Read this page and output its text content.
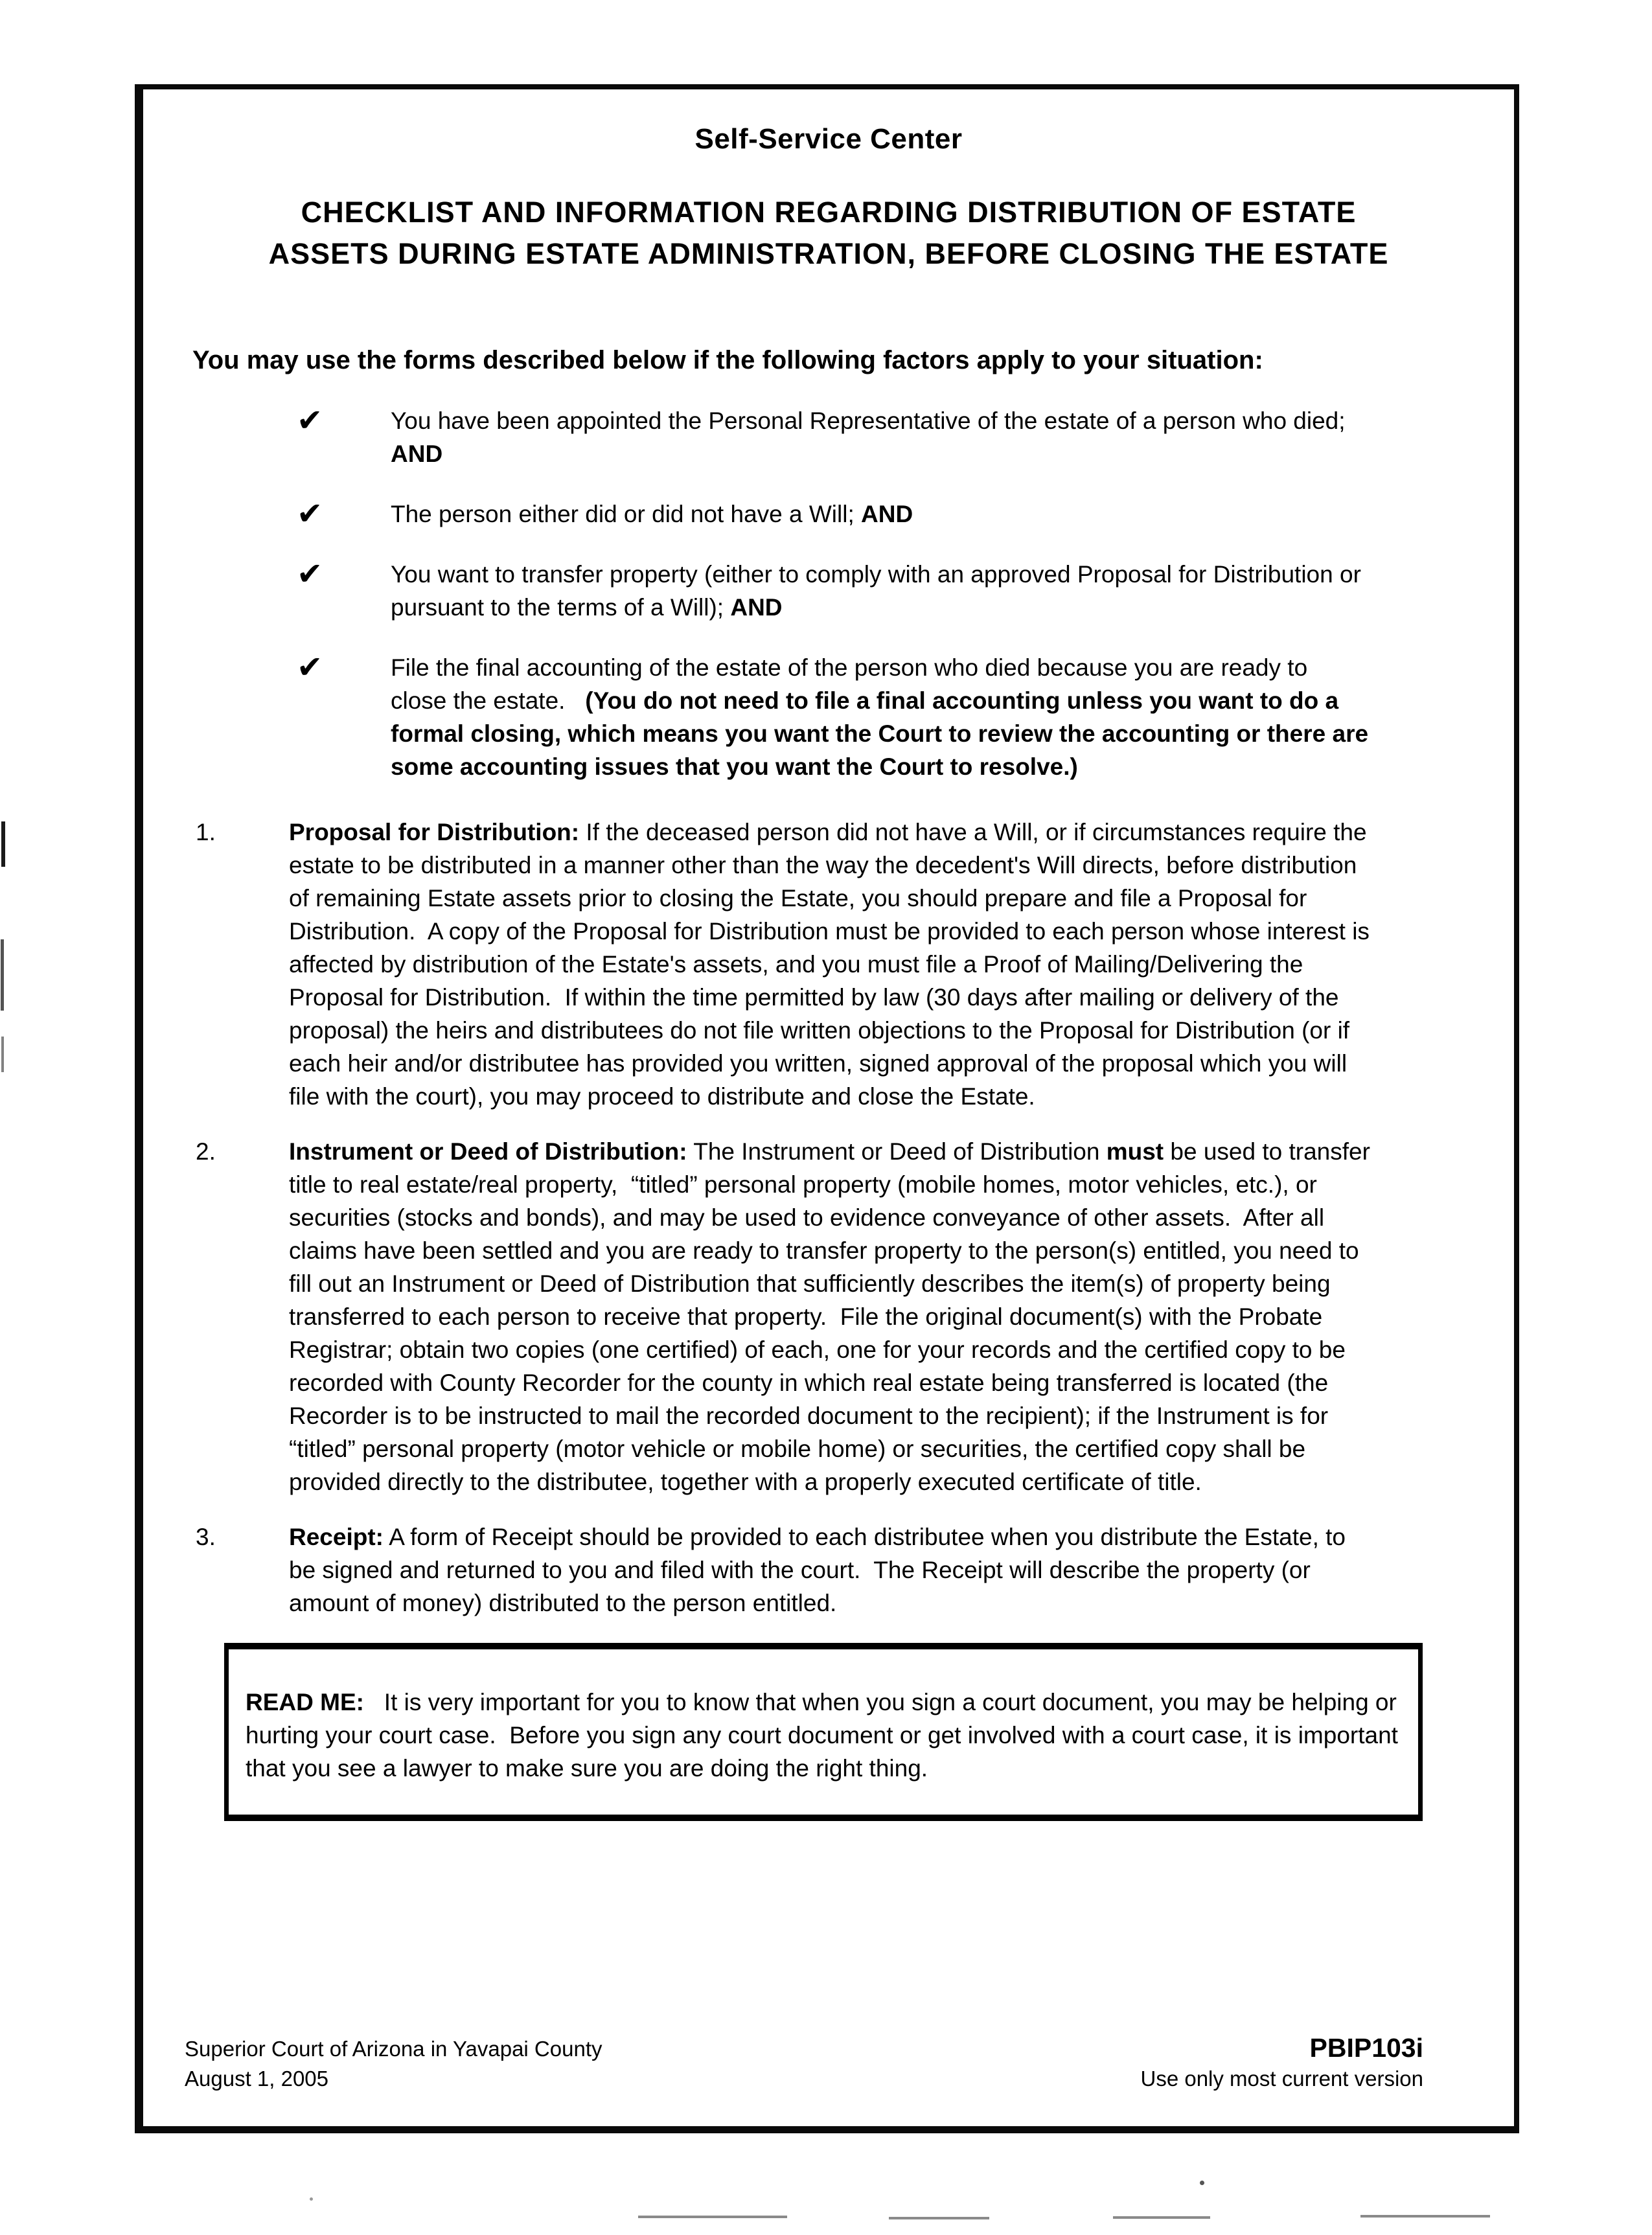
Self-Service Center
CHECKLIST AND INFORMATION REGARDING DISTRIBUTION OF ESTATE ASSETS DURING ESTATE ADMINISTRATION, BEFORE CLOSING THE ESTATE

You may use the forms described below if the following factors apply to your situation:

✔	You have been appointed the Personal Representative of the estate of a person who died; AND
✔	The person either did or did not have a Will; AND
✔	You want to transfer property (either to comply with an approved Proposal for Distribution or pursuant to the terms of a Will); AND
✔	File the final accounting of the estate of the person who died because you are ready to close the estate.   (You do not need to file a final accounting unless you want to do a formal closing, which means you want the Court to review the accounting or there are some accounting issues that you want the Court to resolve.)
1.	Proposal for Distribution: If the deceased person did not have a Will, or if circumstances require the estate to be distributed in a manner other than the way the decedent's Will directs, before distribution of remaining Estate assets prior to closing the Estate, you should prepare and file a Proposal for Distribution.  A copy of the Proposal for Distribution must be provided to each person whose interest is affected by distribution of the Estate's assets, and you must file a Proof of Mailing/Delivering the Proposal for Distribution.  If within the time permitted by law (30 days after mailing or delivery of the proposal) the heirs and distributees do not file written objections to the Proposal for Distribution (or if each heir and/or distributee has provided you written, signed approval of the proposal which you will file with the court), you may proceed to distribute and close the Estate.
2.	Instrument or Deed of Distribution: The Instrument or Deed of Distribution must be used to transfer title to real estate/real property,  “titled” personal property (mobile homes, motor vehicles, etc.), or securities (stocks and bonds), and may be used to evidence conveyance of other assets.  After all claims have been settled and you are ready to transfer property to the person(s) entitled, you need to fill out an Instrument or Deed of Distribution that sufficiently describes the item(s) of property being transferred to each person to receive that property.  File the original document(s) with the Probate Registrar; obtain two copies (one certified) of each, one for your records and the certified copy to be recorded with County Recorder for the county in which real estate being transferred is located (the Recorder is to be instructed to mail the recorded document to the recipient); if the Instrument is for “titled” personal property (motor vehicle or mobile home) or securities, the certified copy shall be provided directly to the distributee, together with a properly executed certificate of title.
3.	Receipt: A form of Receipt should be provided to each distributee when you distribute the Estate, to be signed and returned to you and filed with the court.  The Receipt will describe the property (or amount of money) distributed to the person entitled.

READ ME:   It is very important for you to know that when you sign a court document, you may be helping or hurting your court case.  Before you sign any court document or get involved with a court case, it is important that you see a lawyer to make sure you are doing the right thing.

Superior Court of Arizona in Yavapai County
August 1, 2005
PBIP103i
Use only most current version
